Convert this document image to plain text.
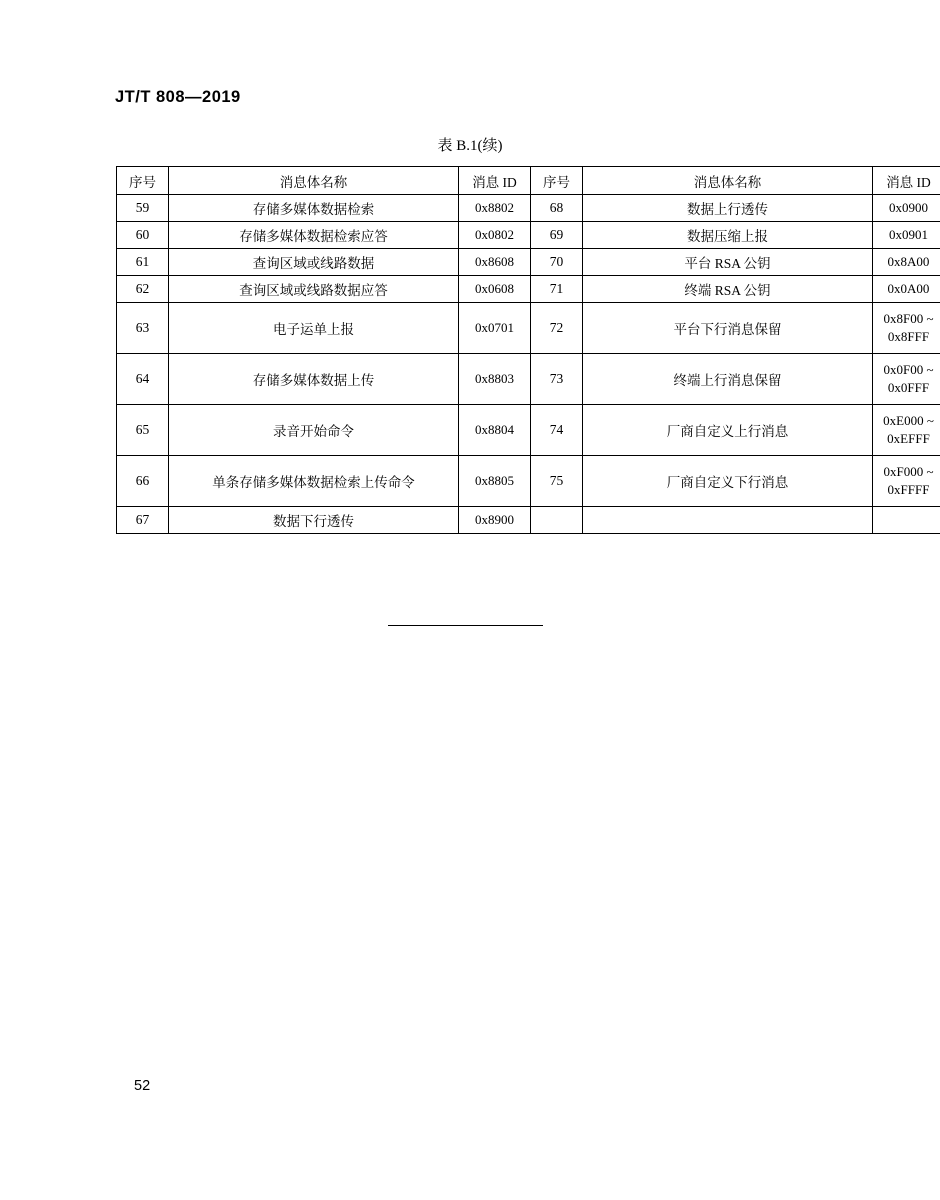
JT/T 808—2019
表 B.1(续)
序号	消息体名称	消息 ID	序号	消息体名称	消息 ID
59	存储多媒体数据检索	0x8802	68	数据上行透传	0x0900
60	存储多媒体数据检索应答	0x0802	69	数据压缩上报	0x0901
61	查询区域或线路数据	0x8608	70	平台 RSA 公钥	0x8A00
62	查询区域或线路数据应答	0x0608	71	终端 RSA 公钥	0x0A00
63	电子运单上报	0x0701	72	平台下行消息保留	0x8F00 ~
0x8FFF
64	存储多媒体数据上传	0x8803	73	终端上行消息保留	0x0F00 ~
0x0FFF
65	录音开始命令	0x8804	74	厂商自定义上行消息	0xE000 ~
0xEFFF
66	单条存储多媒体数据检索上传命令	0x8805	75	厂商自定义下行消息	0xF000 ~
0xFFFF
67	数据下行透传	0x8900			
52
